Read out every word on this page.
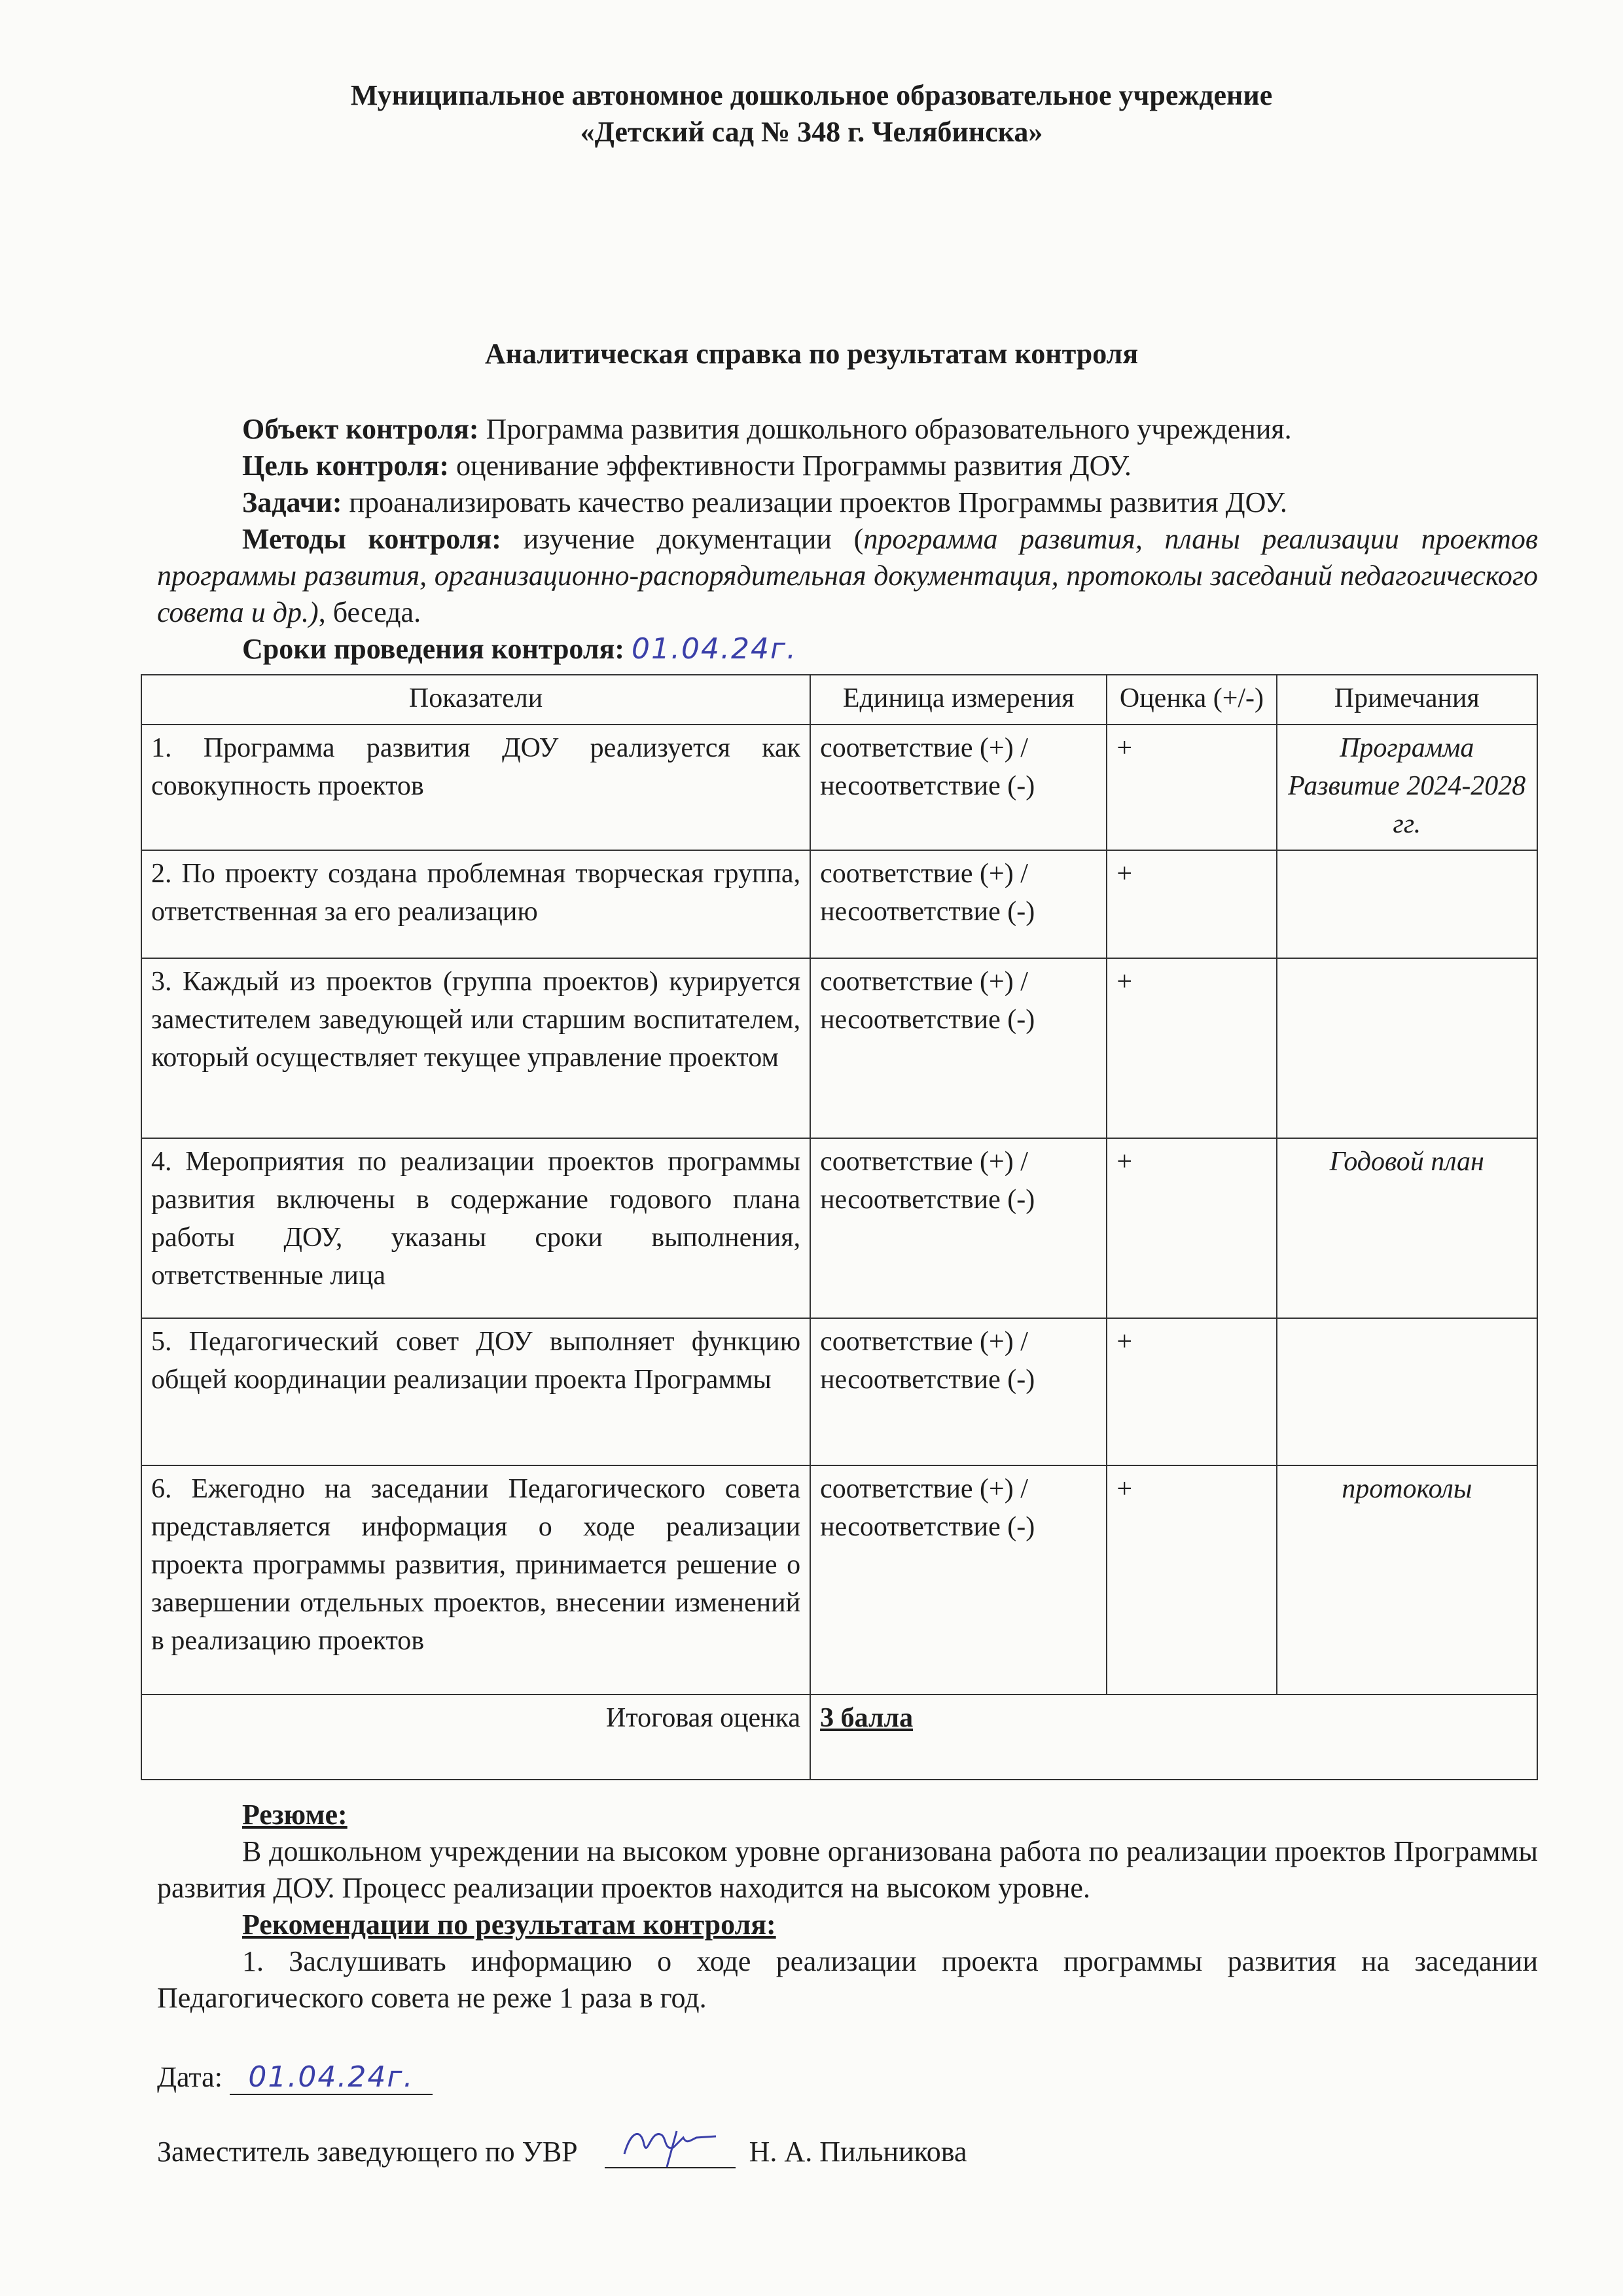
Муниципальное автономное дошкольное образовательное учреждение
«Детский сад № 348 г. Челябинска»
Аналитическая справка по результатам контроля

Объект контроля: Программа развития дошкольного образовательного учреждения.

Цель контроля: оценивание эффективности Программы развития ДОУ.

Задачи: проанализировать качество реализации проектов Программы развития ДОУ.

Методы контроля: изучение документации (программа развития, планы реализации проектов программы развития, организационно-распорядительная документация, протоколы заседаний педагогического совета и др.), беседа.

Сроки проведения контроля: 01.04.24г.

Показатели	Единица измерения	Оценка (+/-)	Примечания
1. Программа развития ДОУ реализуется как совокупность проектов	соответствие (+) / несоответствие (-)	+	Программа Развитие 2024-2028 гг.
2. По проекту создана проблемная творческая группа, ответственная за его реализацию	соответствие (+) / несоответствие (-)	+	
3. Каждый из проектов (группа проектов) курируется заместителем заведующей или старшим воспитателем, который осуществляет текущее управление проектом	соответствие (+) / несоответствие (-)	+	
4. Мероприятия по реализации проектов программы развития включены в содержание годового плана работы ДОУ, указаны сроки выполнения, ответственные лица	соответствие (+) / несоответствие (-)	+	Годовой план
5. Педагогический совет ДОУ выполняет функцию общей координации реализации проекта Программы	соответствие (+) / несоответствие (-)	+	
6. Ежегодно на заседании Педагогического совета представляется информация о ходе реализации проекта программы развития, принимается решение о завершении отдельных проектов, внесении изменений в реализацию проектов	соответствие (+) / несоответствие (-)	+	протоколы
Итоговая оценка	3 балла		

Резюме:

В дошкольном учреждении на высоком уровне организована работа по реализации проектов Программы развития ДОУ. Процесс реализации проектов находится на высоком уровне.

Рекомендации по результатам контроля:

1. Заслушивать информацию о ходе реализации проекта программы развития на заседании Педагогического совета не реже 1 раза в год.

Дата: 01.04.24г.
Заместитель заведующего по УВР	Н. А. Пильникова
